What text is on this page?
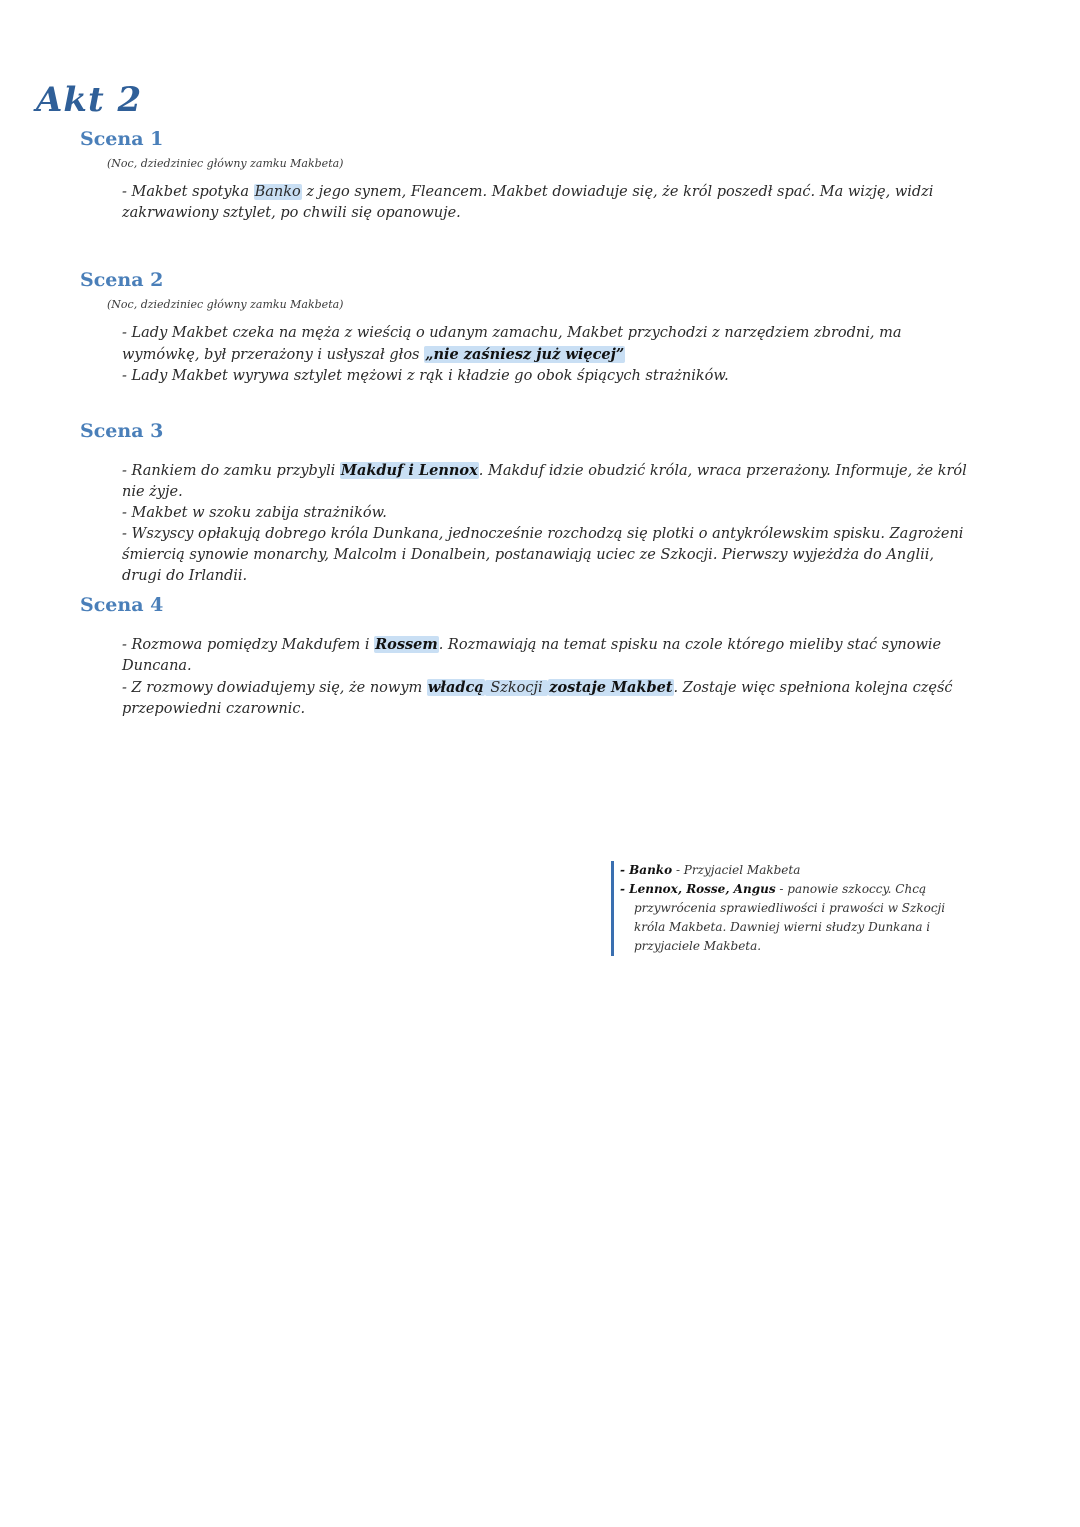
Akt 2
Scena 1
(Noc, dziedziniec główny zamku Makbeta)

- Makbet spotyka Banko z jego synem, Fleancem. Makbet dowiaduje się, że król poszedł spać. Ma wizję, widzi zakrwawiony sztylet, po chwili się opanowuje.

Scena 2
(Noc, dziedziniec główny zamku Makbeta)

- Lady Makbet czeka na męża z wieścią o udanym zamachu, Makbet przychodzi z narzędziem zbrodni, ma wymówkę, był przerażony i usłyszał głos „nie zaśniesz już więcej”

- Lady Makbet wyrywa sztylet mężowi z rąk i kładzie go obok śpiących strażników.

Scena 3

- Rankiem do zamku przybyli Makduf i Lennox. Makduf idzie obudzić króla, wraca przerażony. Informuje, że król nie żyje.

- Makbet w szoku zabija strażników.

- Wszyscy opłakują dobrego króla Dunkana, jednocześnie rozchodzą się plotki o antykrólewskim spisku. Zagrożeni śmiercią synowie monarchy, Malcolm i Donalbein, postanawiają uciec ze Szkocji. Pierwszy wyjeżdża do Anglii, drugi do Irlandii.

Scena 4

- Rozmowa pomiędzy Makdufem i Rossem. Rozmawiają na temat spisku na czole którego mieliby stać synowie Duncana.

- Z rozmowy dowiadujemy się, że nowym władcą Szkocji zostaje Makbet. Zostaje więc spełniona kolejna część przepowiedni czarownic.

- Banko - Przyjaciel Makbeta

- Lennox, Rosse, Angus - panowie szkoccy. Chcą
przywrócenia sprawiedliwości i prawości w Szkocji króla Makbeta. Dawniej wierni słudzy Dunkana i przyjaciele Makbeta.
